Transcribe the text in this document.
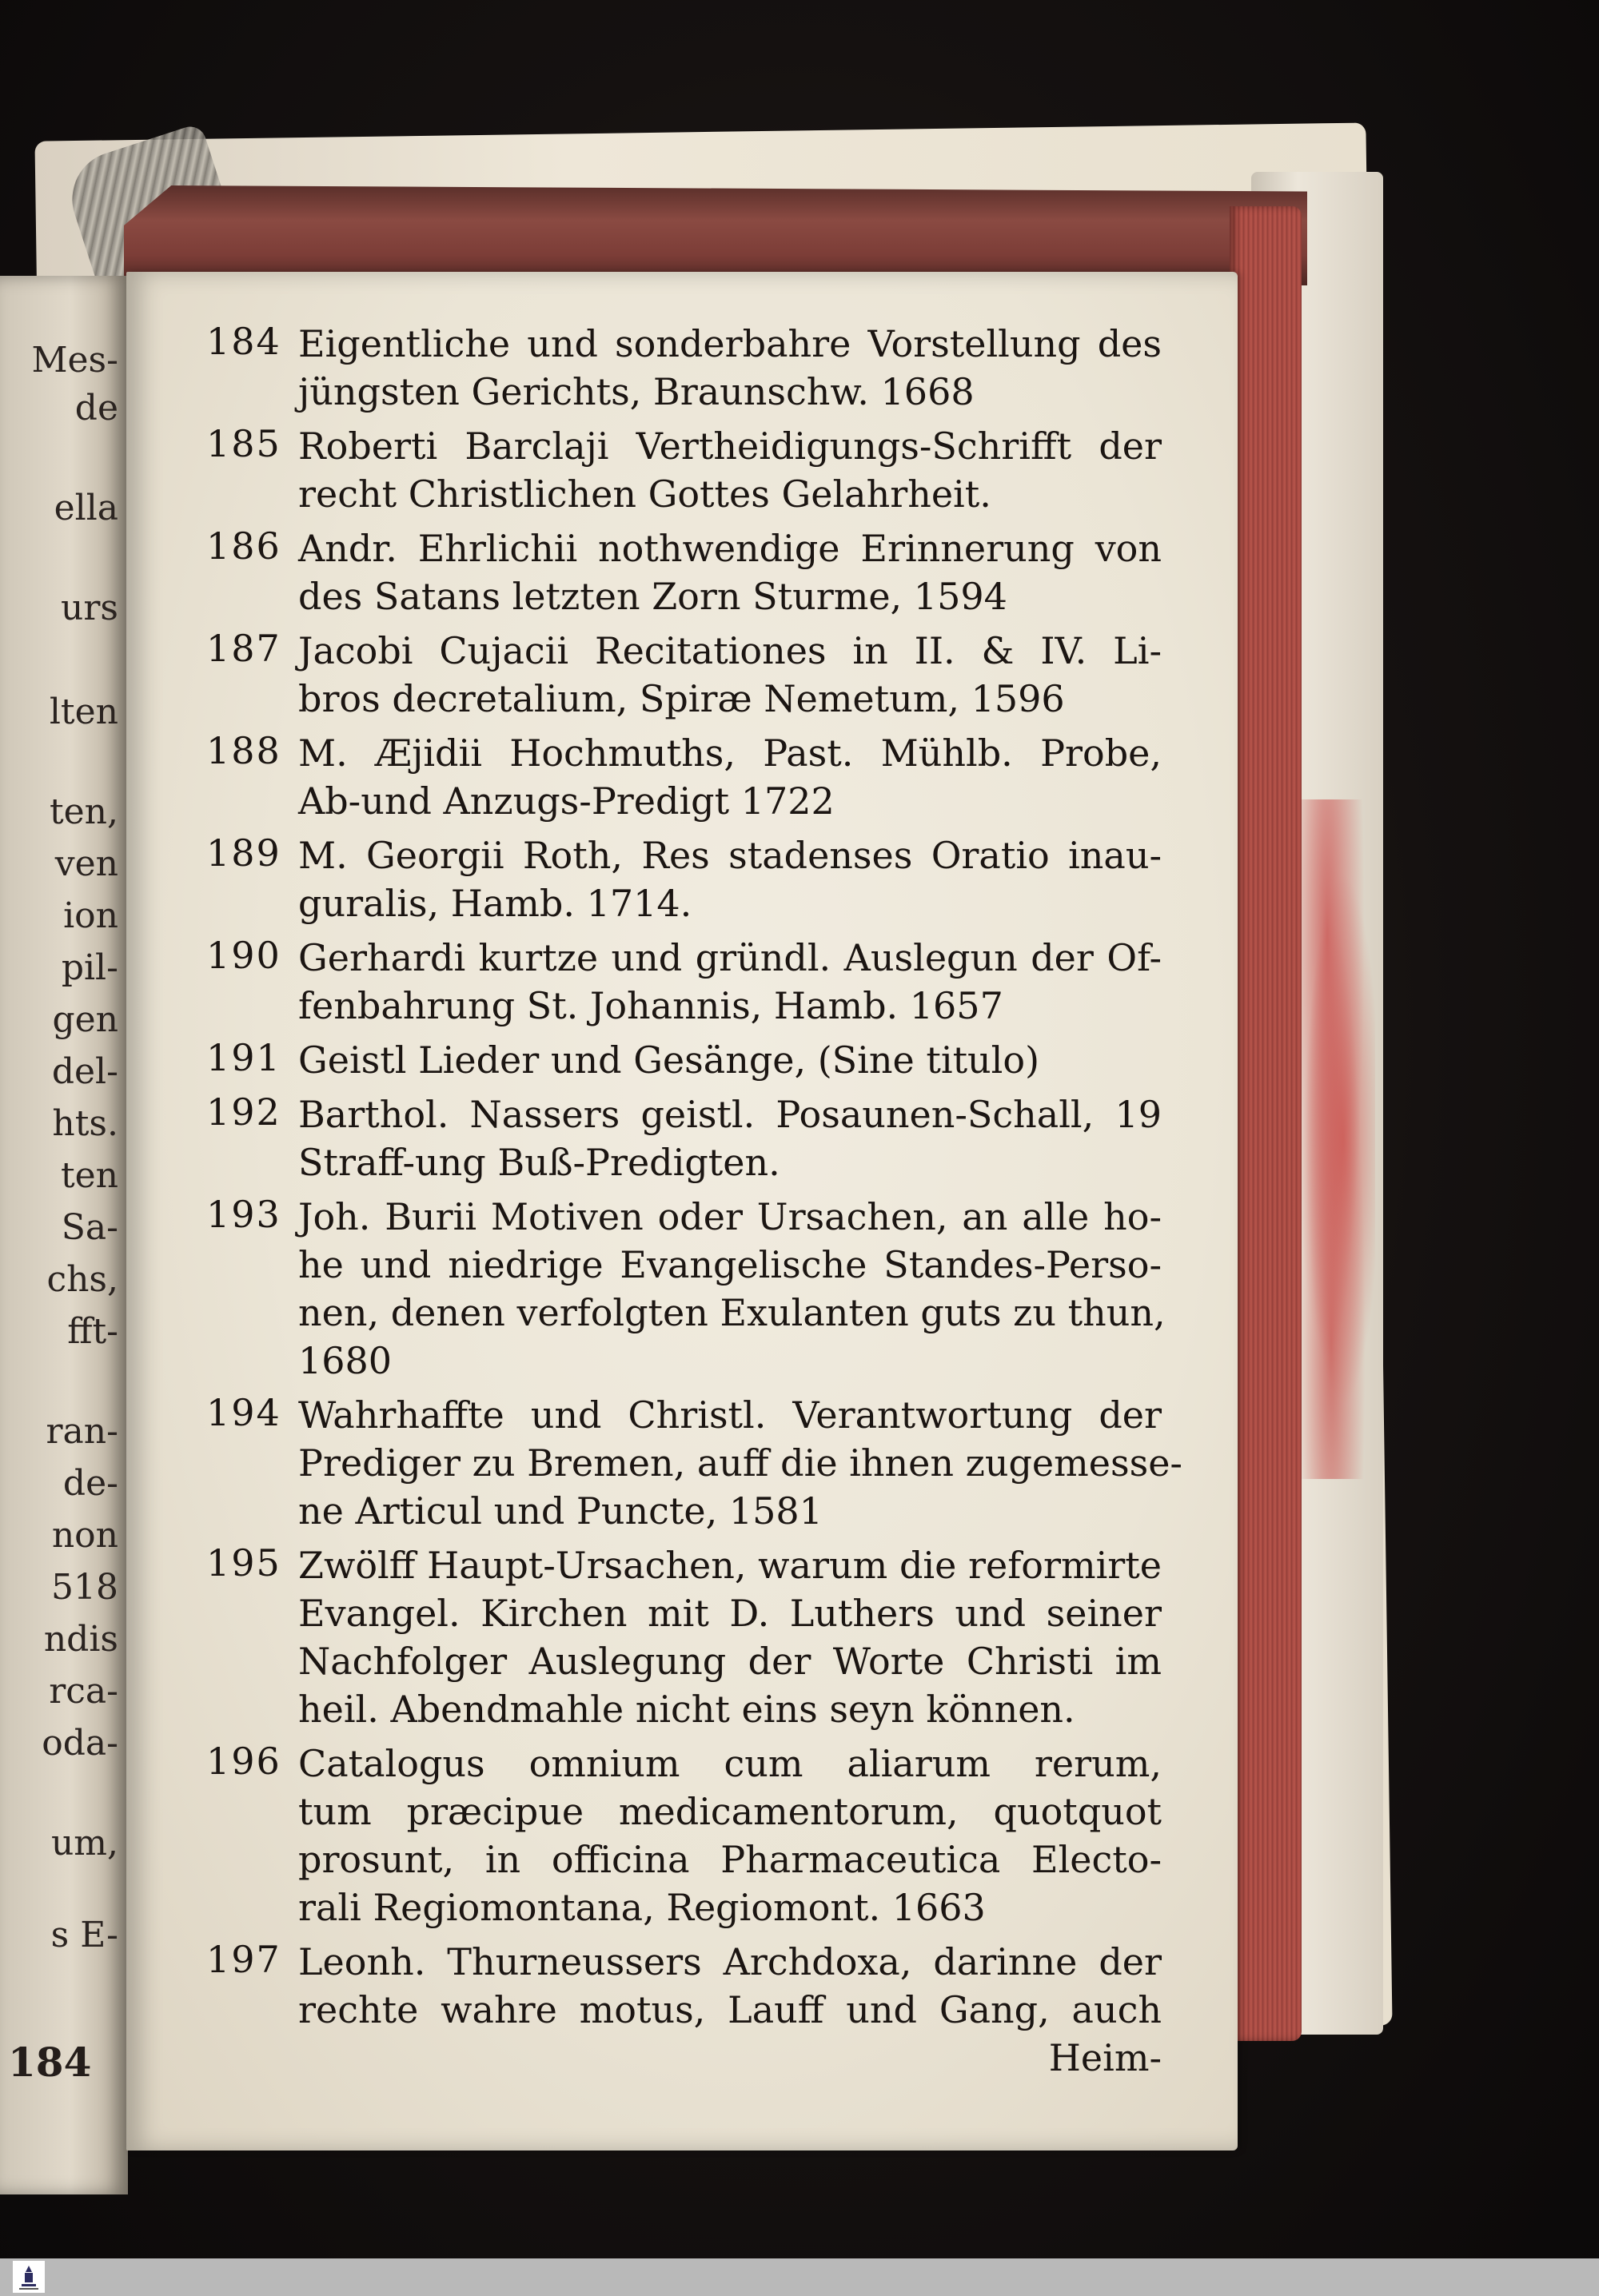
Mes-
de
ella
urs
lten
ten,
ven
ion
pil-
gen
del-
hts.
ten
Sa-
chs,
fft-
ran-
de-
non
518
ndis
rca-
oda-
um,
s E-
184
184 Eigentliche und sonderbahre Vorstellung des
jüngsten Gerichts, Braunschw. 1668
185 Roberti Barclaji Vertheidigungs-Schrifft der
recht Christlichen Gottes Gelahrheit.
186 Andr. Ehrlichii nothwendige Erinnerung von
des Satans letzten Zorn Sturme, 1594
187 Jacobi Cujacii Recitationes in II. & IV. Li-
bros decretalium, Spiræ Nemetum, 1596
188 M. Æjidii Hochmuths, Past. Mühlb. Probe,
Ab-und Anzugs-Predigt 1722
189 M. Georgii Roth, Res stadenses Oratio inau-
guralis, Hamb. 1714.
190 Gerhardi kurtze und gründl. Auslegun der Of-
fenbahrung St. Johannis, Hamb. 1657
191 Geistl Lieder und Gesänge, (Sine titulo)
192 Barthol. Nassers geistl. Posaunen-Schall, 19
Straff-ung Buß-Predigten.
193 Joh. Burii Motiven oder Ursachen, an alle ho-
he und niedrige Evangelische Standes-Perso-
nen, denen verfolgten Exulanten guts zu thun,
1680
194 Wahrhaffte und Christl. Verantwortung der
Prediger zu Bremen, auff die ihnen zugemesse-
ne Articul und Puncte, 1581
195 Zwölff Haupt-Ursachen, warum die reformirte
Evangel. Kirchen mit D. Luthers und seiner
Nachfolger Auslegung der Worte Christi im
heil. Abendmahle nicht eins seyn können.
196 Catalogus omnium cum aliarum rerum,
tum præcipue medicamentorum, quotquot
prosunt, in officina Pharmaceutica Electo-
rali Regiomontana, Regiomont. 1663
197 Leonh. Thurneussers Archdoxa, darinne der
rechte wahre motus, Lauff und Gang, auch
Heim-
